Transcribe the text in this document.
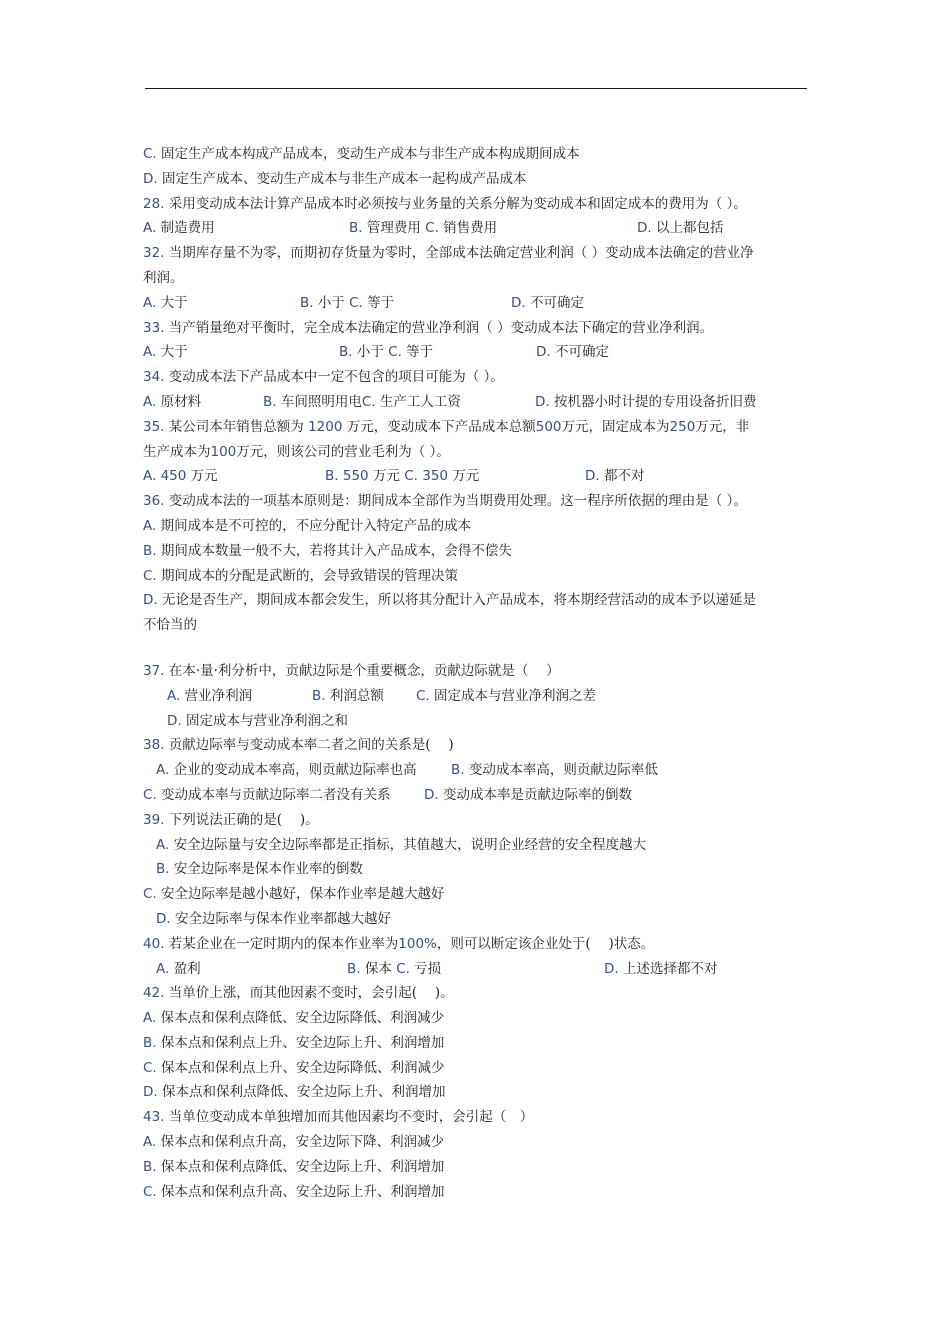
C. 固定生产成本构成产品成本，变动生产成本与非生产成本构成期间成本
D. 固定生产成本、变动生产成本与非生产成本一起构成产品成本
28. 采用变动成本法计算产品成本时必须按与业务量的关系分解为变动成本和固定成本的费用为（ ）。
A. 制造费用	B. 管理费用 C. 销售费用	D. 以上都包括
32. 当期库存量不为零，而期初存货量为零时，全部成本法确定营业利润（ ）变动成本法确定的营业净
利润。
A. 大于	B. 小于 C. 等于	D. 不可确定
33. 当产销量绝对平衡时，完全成本法确定的营业净利润（ ）变动成本法下确定的营业净利润。
A. 大于	B. 小于 C. 等于	D. 不可确定
34. 变动成本法下产品成本中一定不包含的项目可能为（ ）。
A. 原材料	B. 车间照明用电C. 生产工人工资	D. 按机器小时计提的专用设备折旧费
35. 某公司本年销售总额为 1200 万元，变动成本下产品成本总额500万元，固定成本为250万元，非
生产成本为100万元，则该公司的营业毛利为（ ）。
A. 450 万元	B. 550 万元 C. 350 万元	D. 都不对
36. 变动成本法的一项基本原则是：期间成本全部作为当期费用处理。这一程序所依据的理由是（ ）。
A. 期间成本是不可控的，不应分配计入特定产品的成本
B. 期间成本数量一般不大，若将其计入产品成本，会得不偿失
C. 期间成本的分配是武断的，会导致错误的管理决策
D. 无论是否生产，期间成本都会发生，所以将其分配计入产品成本，将本期经营活动的成本予以递延是
不恰当的
37. 在本·量·利分析中，贡献边际是个重要概念，贡献边际就是（　 ）
A. 营业净利润	B. 利润总额 C. 固定成本与营业净利润之差
D. 固定成本与营业净利润之和
38. 贡献边际率与变动成本率二者之间的关系是(　 )
A. 企业的变动成本率高，则贡献边际率也高	B. 变动成本率高，则贡献边际率低
C. 变动成本率与贡献边际率二者没有关系 D. 变动成本率是贡献边际率的倒数
39. 下列说法正确的是(　 )。
A. 安全边际量与安全边际率都是正指标，其值越大，说明企业经营的安全程度越大
B. 安全边际率是保本作业率的倒数
C. 安全边际率是越小越好，保本作业率是越大越好
D. 安全边际率与保本作业率都越大越好
40. 若某企业在一定时期内的保本作业率为100%，则可以断定该企业处于(　 )状态。
A. 盈利	B. 保本 C. 亏损	D. 上述选择都不对
42. 当单价上涨，而其他因素不变时，会引起(　 )。
A. 保本点和保利点降低、安全边际降低、利润减少
B. 保本点和保利点上升、安全边际上升、利润增加
C. 保本点和保利点上升、安全边际降低、利润减少
D. 保本点和保利点降低、安全边际上升、利润增加
43. 当单位变动成本单独增加而其他因素均不变时，会引起（　）
A. 保本点和保利点升高，安全边际下降、利润减少
B. 保本点和保利点降低、安全边际上升、利润增加
C. 保本点和保利点升高、安全边际上升、利润增加
